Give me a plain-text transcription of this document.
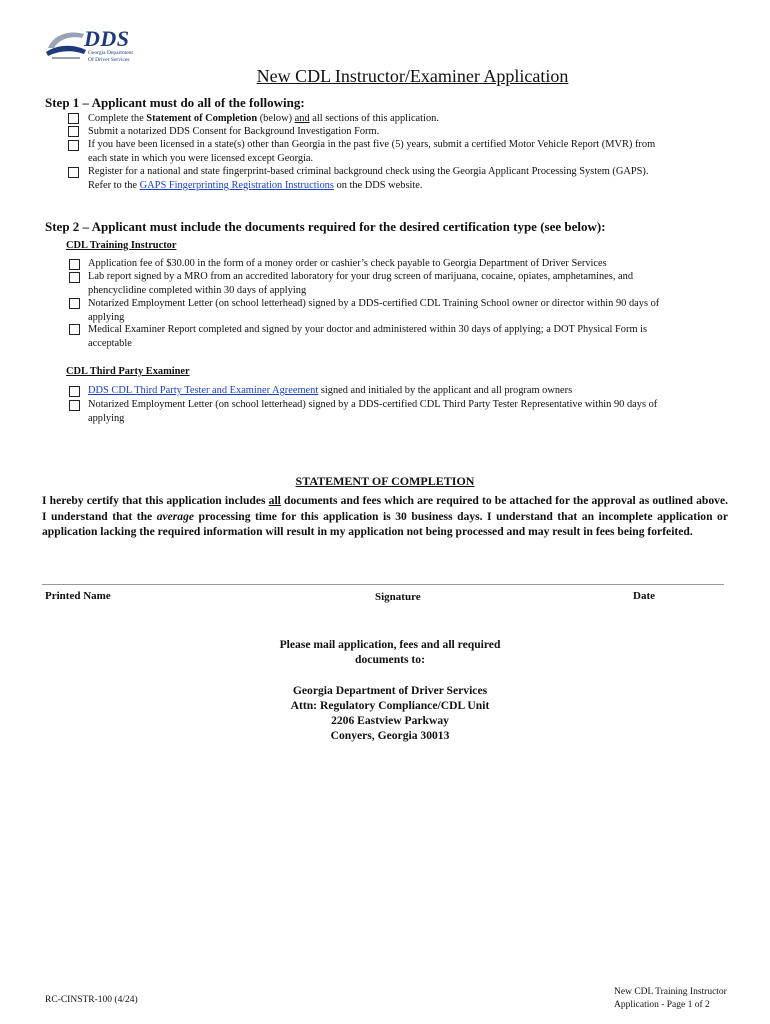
DDS
Georgia Department
Of Driver Services
New CDL Instructor/Examiner Application
Step 1 – Applicant must do all of the following:
Complete the Statement of Completion (below) and all sections of this application.
Submit a notarized DDS Consent for Background Investigation Form.
If you have been licensed in a state(s) other than Georgia in the past five (5) years, submit a certified Motor Vehicle Report (MVR) from
each state in which you were licensed except Georgia.
Register for a national and state fingerprint-based criminal background check using the Georgia Applicant Processing System (GAPS).
Refer to the GAPS Fingerprinting Registration Instructions on the DDS website.
Step 2 – Applicant must include the documents required for the desired certification type (see below):
CDL Training Instructor
Application fee of $30.00 in the form of a money order or cashier’s check payable to Georgia Department of Driver Services
Lab report signed by a MRO from an accredited laboratory for your drug screen of marijuana, cocaine, opiates, amphetamines, and
phencyclidine completed within 30 days of applying
Notarized Employment Letter (on school letterhead) signed by a DDS-certified CDL Training School owner or director within 90 days of
applying
Medical Examiner Report completed and signed by your doctor and administered within 30 days of applying; a DOT Physical Form is
acceptable
CDL Third Party Examiner
DDS CDL Third Party Tester and Examiner Agreement signed and initialed by the applicant and all program owners
Notarized Employment Letter (on school letterhead) signed by a DDS-certified CDL Third Party Tester Representative within 90 days of
applying
STATEMENT OF COMPLETION
I hereby certify that this application includes all documents and fees which are required to be attached for the approval as outlined above. I understand that the average processing time for this application is 30 business days. I understand that an incomplete application or application lacking the required information will result in my application not being processed and may result in fees being forfeited.
Printed Name	Signature	Date
Please mail application, fees and all required
documents to:
Georgia Department of Driver Services
Attn: Regulatory Compliance/CDL Unit
2206 Eastview Parkway
Conyers, Georgia 30013
RC-CINSTR-100 (4/24)
New CDL Training Instructor
Application - Page 1 of 2
